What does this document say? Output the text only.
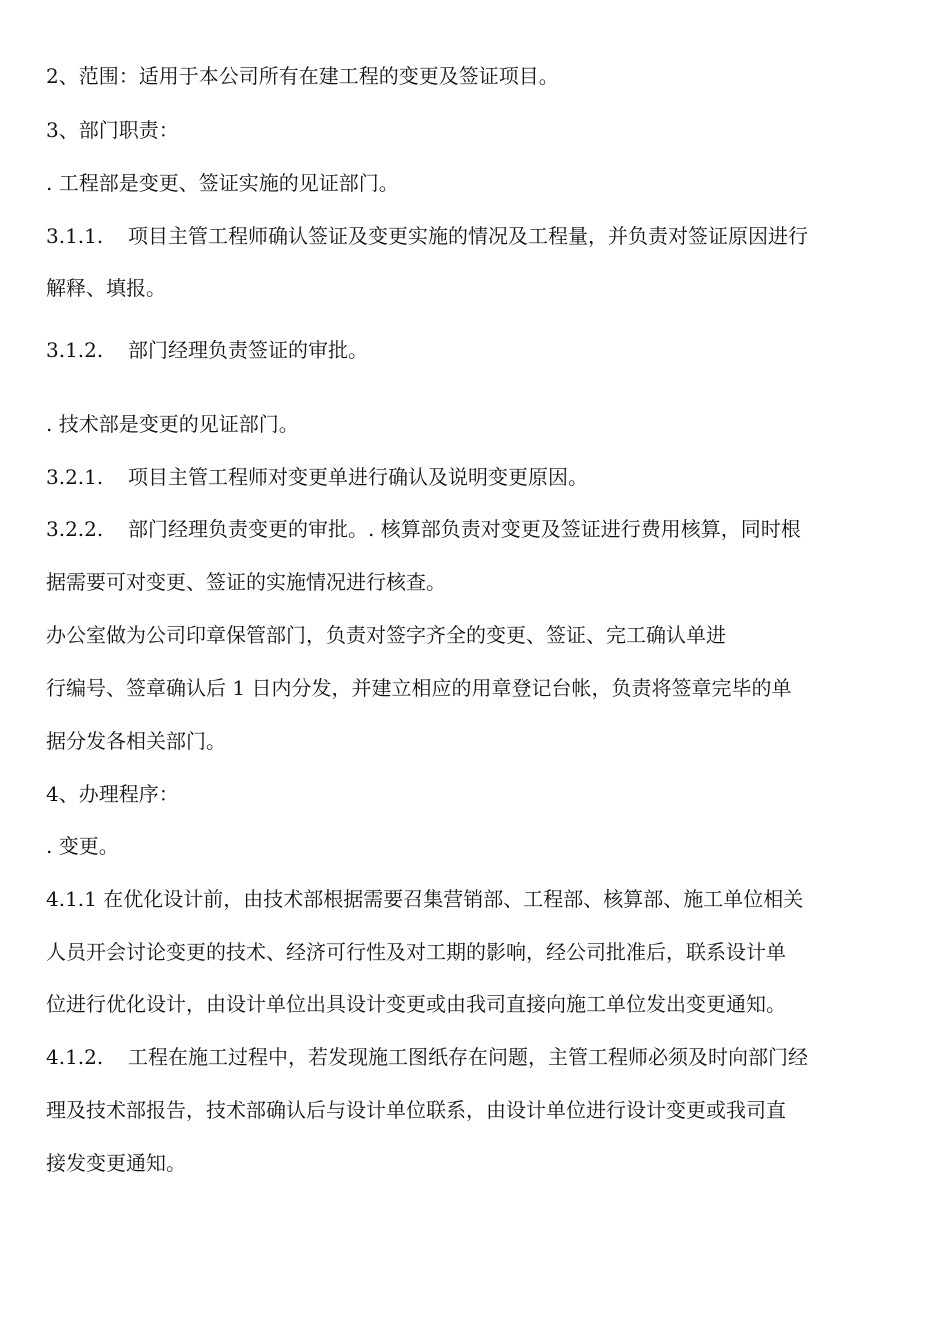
2、范围：适用于本公司所有在建工程的变更及签证项目。
3、部门职责：
. 工程部是变更、签证实施的见证部门。
3.1.1. 项目主管工程师确认签证及变更实施的情况及工程量，并负责对签证原因进行
解释、填报。
3.1.2. 部门经理负责签证的审批。
. 技术部是变更的见证部门。
3.2.1. 项目主管工程师对变更单进行确认及说明变更原因。
3.2.2. 部门经理负责变更的审批。. 核算部负责对变更及签证进行费用核算，同时根
据需要可对变更、签证的实施情况进行核查。
办公室做为公司印章保管部门，负责对签字齐全的变更、签证、完工确认单进
行编号、签章确认后 1 日内分发，并建立相应的用章登记台帐，负责将签章完毕的单
据分发各相关部门。
4、办理程序：
. 变更。
4.1.1 在优化设计前，由技术部根据需要召集营销部、工程部、核算部、施工单位相关
人员开会讨论变更的技术、经济可行性及对工期的影响，经公司批准后，联系设计单
位进行优化设计，由设计单位出具设计变更或由我司直接向施工单位发出变更通知。
4.1.2. 工程在施工过程中，若发现施工图纸存在问题，主管工程师必须及时向部门经
理及技术部报告，技术部确认后与设计单位联系，由设计单位进行设计变更或我司直
接发变更通知。
